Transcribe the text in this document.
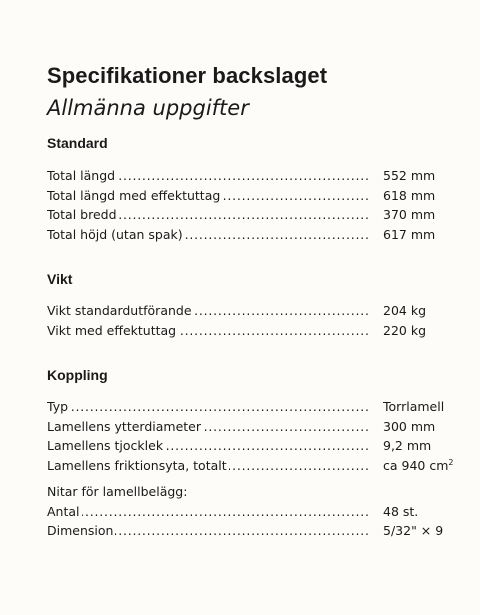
Specifikationer backslaget
Allmänna uppgifter
Standard
Total längd . . .	552 mm
Total längd med effektuttag . . .	618 mm
Total bredd . . .	370 mm
Total höjd (utan spak) . . .	617 mm
Vikt
Vikt standardutförande . . .	204 kg
Vikt med effektuttag . . .	220 kg
Koppling
Typ . . .	Torrlamell
Lamellens ytterdiameter . . .	300 mm
Lamellens tjocklek . . .	9,2 mm
Lamellens friktionsyta, totalt . . .	ca 940 $cm^2$
Nitar för lamellbelägg:
Antal . . .	48 st.
Dimension . . .	5/32" × 9
